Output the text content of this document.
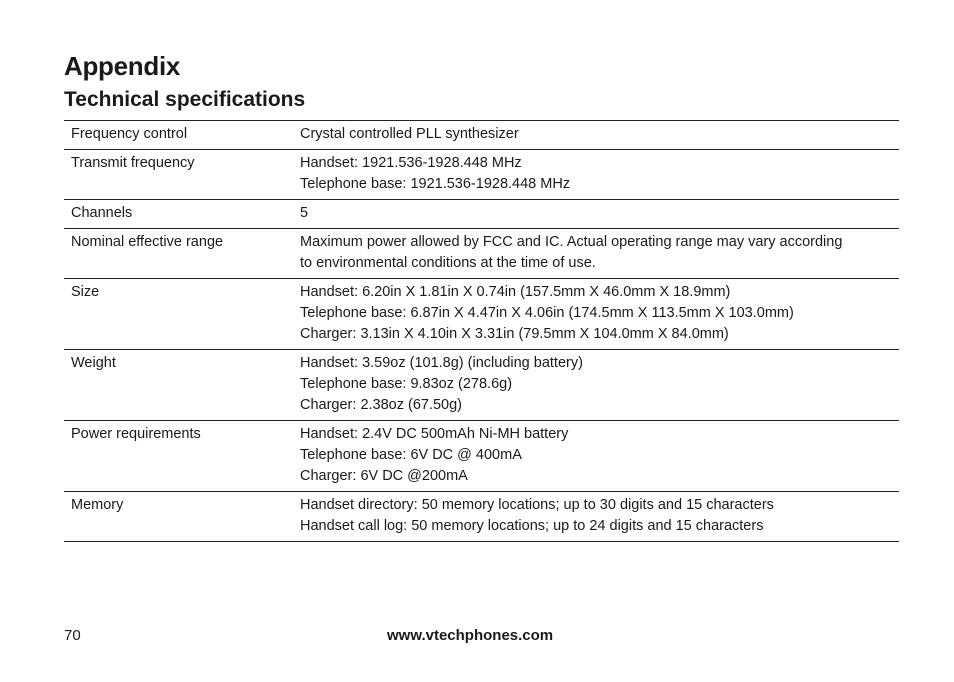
Appendix
Technical specifications
Frequency control	Crystal controlled PLL synthesizer

Transmit frequency	Handset: 1921.536-1928.448 MHz
Telephone base: 1921.536-1928.448 MHz

Channels	5

Nominal effective range	Maximum power allowed by FCC and IC. Actual operating range may vary according
to environmental conditions at the time of use.

Size	Handset: 6.20in X 1.81in X 0.74in (157.5mm X 46.0mm X 18.9mm)
Telephone base: 6.87in X 4.47in X 4.06in (174.5mm X 113.5mm X 103.0mm)
Charger: 3.13in X 4.10in X 3.31in (79.5mm X 104.0mm X 84.0mm)

Weight	Handset: 3.59oz (101.8g) (including battery)
Telephone base: 9.83oz (278.6g)
Charger: 2.38oz (67.50g)

Power requirements	Handset: 2.4V DC 500mAh Ni-MH battery
Telephone base: 6V DC @ 400mA
Charger: 6V DC @200mA

Memory	Handset directory: 50 memory locations; up to 30 digits and 15 characters
Handset call log: 50 memory locations; up to 24 digits and 15 characters
70	www.vtechphones.com
